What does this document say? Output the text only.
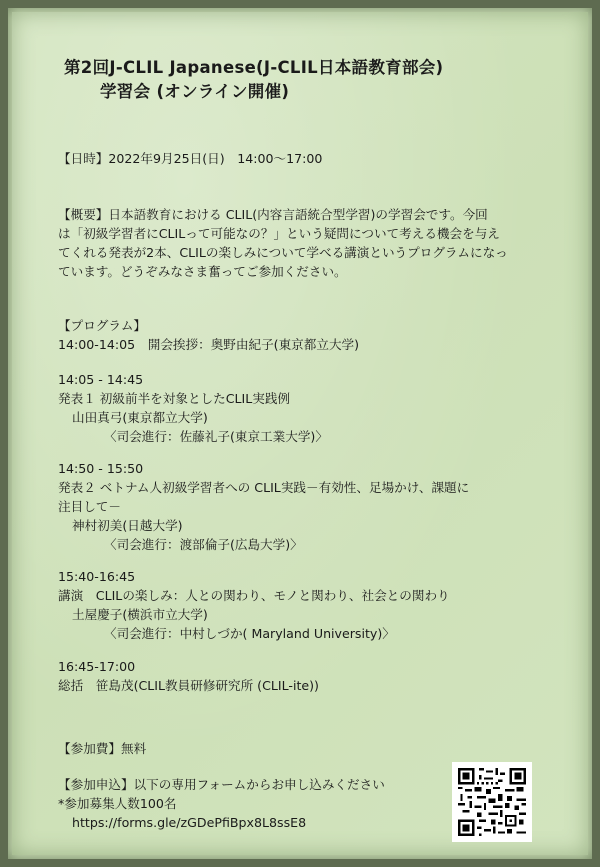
第2回J-CLIL Japanese(J-CLIL日本語教育部会)
学習会 (オンライン開催)

【日時】2022年9月25日(日)　14:00〜17:00

【概要】日本語教育における CLIL(内容言語統合型学習)の学習会です。今回

は「初級学習者にCLILって可能なの？」という疑問について考える機会を与え

てくれる発表が2本、CLILの楽しみについて学べる講演というプログラムになっ

ています。どうぞみなさま奮ってご参加ください。

【プログラム】

14:00-14:05　開会挨拶：奥野由紀子(東京都立大学)

14:05 - 14:45

発表１ 初級前半を対象としたCLIL実践例

山田真弓(東京都立大学)

〈司会進行：佐藤礼子(東京工業大学)〉

14:50 - 15:50

発表２ ベトナム人初級学習者への CLIL実践－有効性、足場かけ、課題に

注目して－

神村初美(日越大学)

〈司会進行：渡部倫子(広島大学)〉

15:40-16:45

講演　CLILの楽しみ：人との関わり、モノと関わり、社会との関わり

土屋慶子(横浜市立大学)

〈司会進行：中村しづか( Maryland University)〉

16:45-17:00

総括　笹島茂(CLIL教員研修研究所 (CLIL-ite))

【参加費】無料

【参加申込】以下の専用フォームからお申し込みください

*参加募集人数100名

https://forms.gle/zGDePfiBpx8L8ssE8
